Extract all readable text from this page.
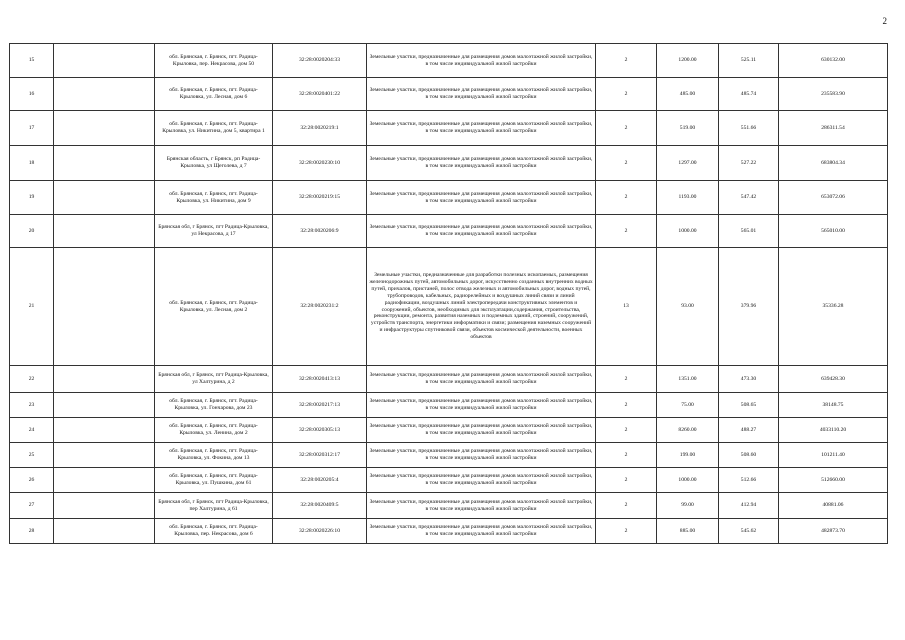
2
15		обл. Брянская, г. Брянск, пгт. Радица-Крыловка, пер. Некрасова, дом 50	32:28:0020204:33	Земельные участки, предназначенные для размещения домов малоэтажной жилой застройки, в том числе индивидуальной жилой застройки	2	1200.00	525.11	630132.00
16		обл. Брянская, г. Брянск, пгт. Радица-Крыловка, ул. Лесная, дом 6	32:28:0020401:22	Земельные участки, предназначенные для размещения домов малоэтажной жилой застройки, в том числе индивидуальной жилой застройки	2	485.00	485.74	235583.90
17		обл. Брянская, г. Брянск, пгт. Радица-Крыловка, ул. Никитина, дом 5, квартира 1	32:28:0020219:1	Земельные участки, предназначенные для размещения домов малоэтажной жилой застройки, в том числе индивидуальной жилой застройки	2	519.00	551.66	286311.54
18		Брянская область, г Брянск, рп Радица-Крыловка, ул Щеголева, д 7	32:28:0020230:10	Земельные участки, предназначенные для размещения домов малоэтажной жилой застройки, в том числе индивидуальной жилой застройки	2	1297.00	527.22	683804.34
19		обл. Брянская, г. Брянск, пгт. Радица-Крыловка, ул. Никитина, дом 9	32:28:0020219:15	Земельные участки, предназначенные для размещения домов малоэтажной жилой застройки, в том числе индивидуальной жилой застройки	2	1193.00	547.42	653072.06
20		Брянская обл, г Брянск, пгт Радица-Крыловка, ул Некрасова, д 17	32:28:0020206:9	Земельные участки, предназначенные для размещения домов малоэтажной жилой застройки, в том числе индивидуальной жилой застройки	2	1000.00	565.01	565010.00
21		обл. Брянская, г. Брянск, пгт. Радица-Крыловка, ул. Лесная, дом 2	32:28:0020231:2	Земельные участки, предназначенные для разработки полезных ископаемых, размещения железнодорожных путей, автомобильных дорог, искусственно созданных внутренних водных путей, причалов, пристаней, полос отвода железных и автомобильных дорог, водных путей, трубопроводов, кабельных, радиорелейных и воздушных линий связи и линий радиофикации, воздушных линий электропередачи конструктивных элементов и сооружений, объектов, необходимых для эксплуатации,содержания, строительства, реконструкции, ремонта, развития наземных и подземных зданий, строений, сооружений, устройств транспорта, энергетики информатики и связи; размещения наземных сооружений и инфраструктуры спутниковой связи, объектов космической деятельности, военных объектов	13	93.00	379.96	35336.28
22		Брянская обл, г Брянск, пгт Радица-Крыловка, ул Халтурина, д 2	32:28:0020413:13	Земельные участки, предназначенные для размещения домов малоэтажной жилой застройки, в том числе индивидуальной жилой застройки	2	1351.00	473.30	639428.30
23		обл. Брянская, г. Брянск, пгт. Радица-Крыловка, ул. Гончарова, дом 23	32:28:0020217:13	Земельные участки, предназначенные для размещения домов малоэтажной жилой застройки, в том числе индивидуальной жилой застройки	2	75.00	508.65	38148.75
24		обл. Брянская, г. Брянск, пгт. Радица-Крыловка, ул. Ленина, дом 2	32:28:0020305:13	Земельные участки, предназначенные для размещения домов малоэтажной жилой застройки, в том числе индивидуальной жилой застройки	2	8260.00	488.27	4033110.20
25		обл. Брянская, г. Брянск, пгт. Радица-Крыловка, ул. Фокина, дом 13	32:28:0020312:17	Земельные участки, предназначенные для размещения домов малоэтажной жилой застройки, в том числе индивидуальной жилой застройки	2	199.00	508.60	101211.40
26		обл. Брянская, г. Брянск, пгт. Радица-Крыловка, ул. Пушкина, дом 61	32:28:0020205:4	Земельные участки, предназначенные для размещения домов малоэтажной жилой застройки, в том числе индивидуальной жилой застройки	2	1000.00	512.66	512660.00
27		Брянская обл, г Брянск, пгт Радица-Крыловка, пер Халтурина, д 61	32:28:0020409:5	Земельные участки, предназначенные для размещения домов малоэтажной жилой застройки, в том числе индивидуальной жилой застройки	2	99.00	412.94	40881.06
28		обл. Брянская, г. Брянск, пгт. Радица-Крыловка, пер. Некрасова, дом 6	32:28:0020226:10	Земельные участки, предназначенные для размещения домов малоэтажной жилой застройки, в том числе индивидуальной жилой застройки	2	885.00	545.62	482873.70
